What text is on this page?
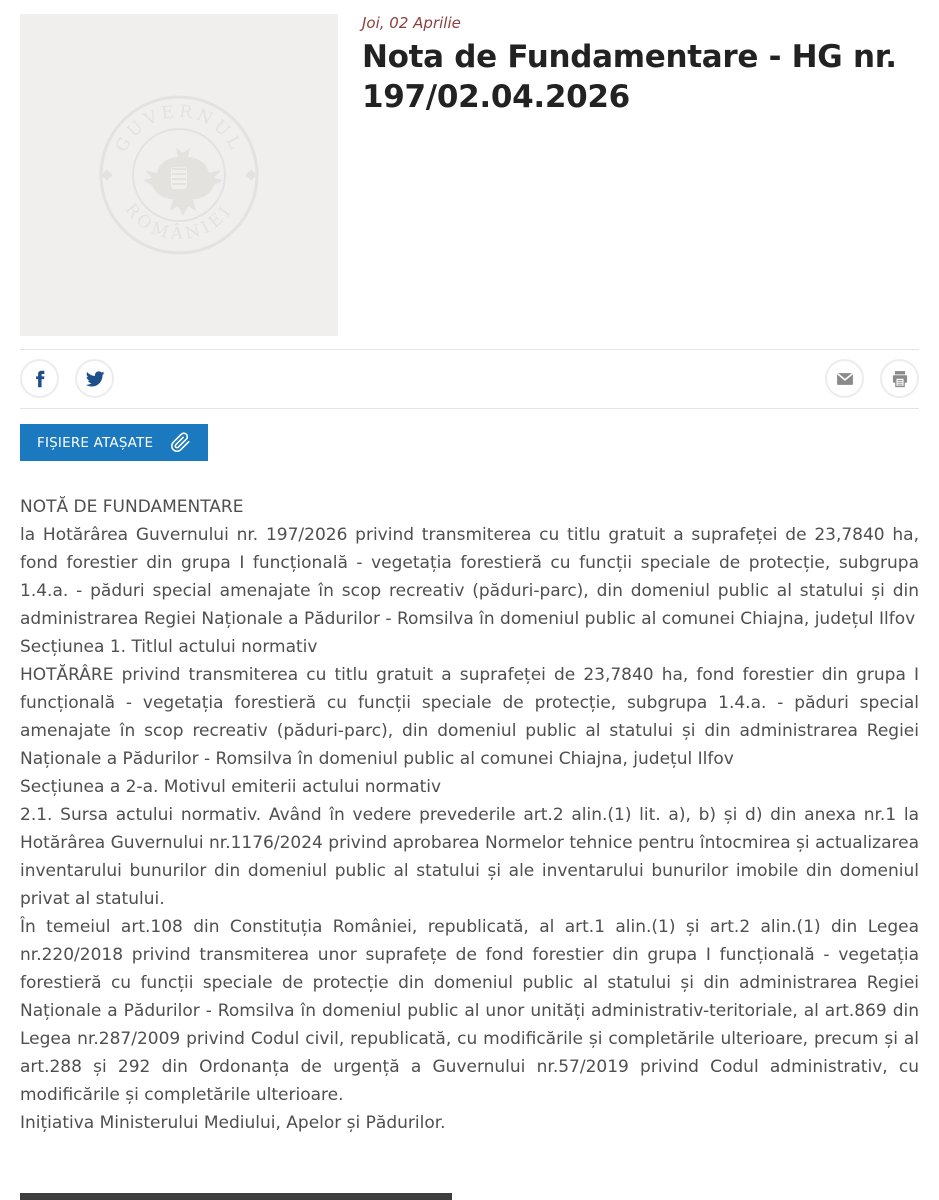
GUVERNUL
ROMÂNIEI

Joi, 02 Aprilie

Nota de Fundamentare - HG nr. 197/02.04.2026
FIȘIERE ATAȘATE

NOTĂ DE FUNDAMENTARE

la Hotărârea Guvernului nr. 197/2026 privind transmiterea cu titlu gratuit a suprafeței de 23,7840 ha, fond forestier din grupa I funcțională - vegetația forestieră cu funcții speciale de protecție, subgrupa 1.4.a. - păduri special amenajate în scop recreativ (păduri-parc), din domeniul public al statului și din administrarea Regiei Naționale a Pădurilor - Romsilva în domeniul public al comunei Chiajna, județul Ilfov

Secțiunea 1. Titlul actului normativ

HOTĂRÂRE privind transmiterea cu titlu gratuit a suprafeței de 23,7840 ha, fond forestier din grupa I funcțională - vegetația forestieră cu funcții speciale de protecție, subgrupa 1.4.a. - păduri special amenajate în scop recreativ (păduri-parc), din domeniul public al statului și din administrarea Regiei Naționale a Pădurilor - Romsilva în domeniul public al comunei Chiajna, județul Ilfov

Secțiunea a 2-a. Motivul emiterii actului normativ

2.1. Sursa actului normativ. Având în vedere prevederile art.2 alin.(1) lit. a), b) și d) din anexa nr.1 la Hotărârea Guvernului nr.1176/2024 privind aprobarea Normelor tehnice pentru întocmirea și actualizarea inventarului bunurilor din domeniul public al statului și ale inventarului bunurilor imobile din domeniul privat al statului.

În temeiul art.108 din Constituția României, republicată, al art.1 alin.(1) și art.2 alin.(1) din Legea nr.220/2018 privind transmiterea unor suprafețe de fond forestier din grupa I funcțională - vegetația forestieră cu funcții speciale de protecție din domeniul public al statului și din administrarea Regiei Naționale a Pădurilor - Romsilva în domeniul public al unor unități administrativ-teritoriale, al art.869 din Legea nr.287/2009 privind Codul civil, republicată, cu modificările și completările ulterioare, precum și al art.288 și 292 din Ordonanța de urgență a Guvernului nr.57/2019 privind Codul administrativ, cu modificările și completările ulterioare.

Inițiativa Ministerului Mediului, Apelor și Pădurilor.
